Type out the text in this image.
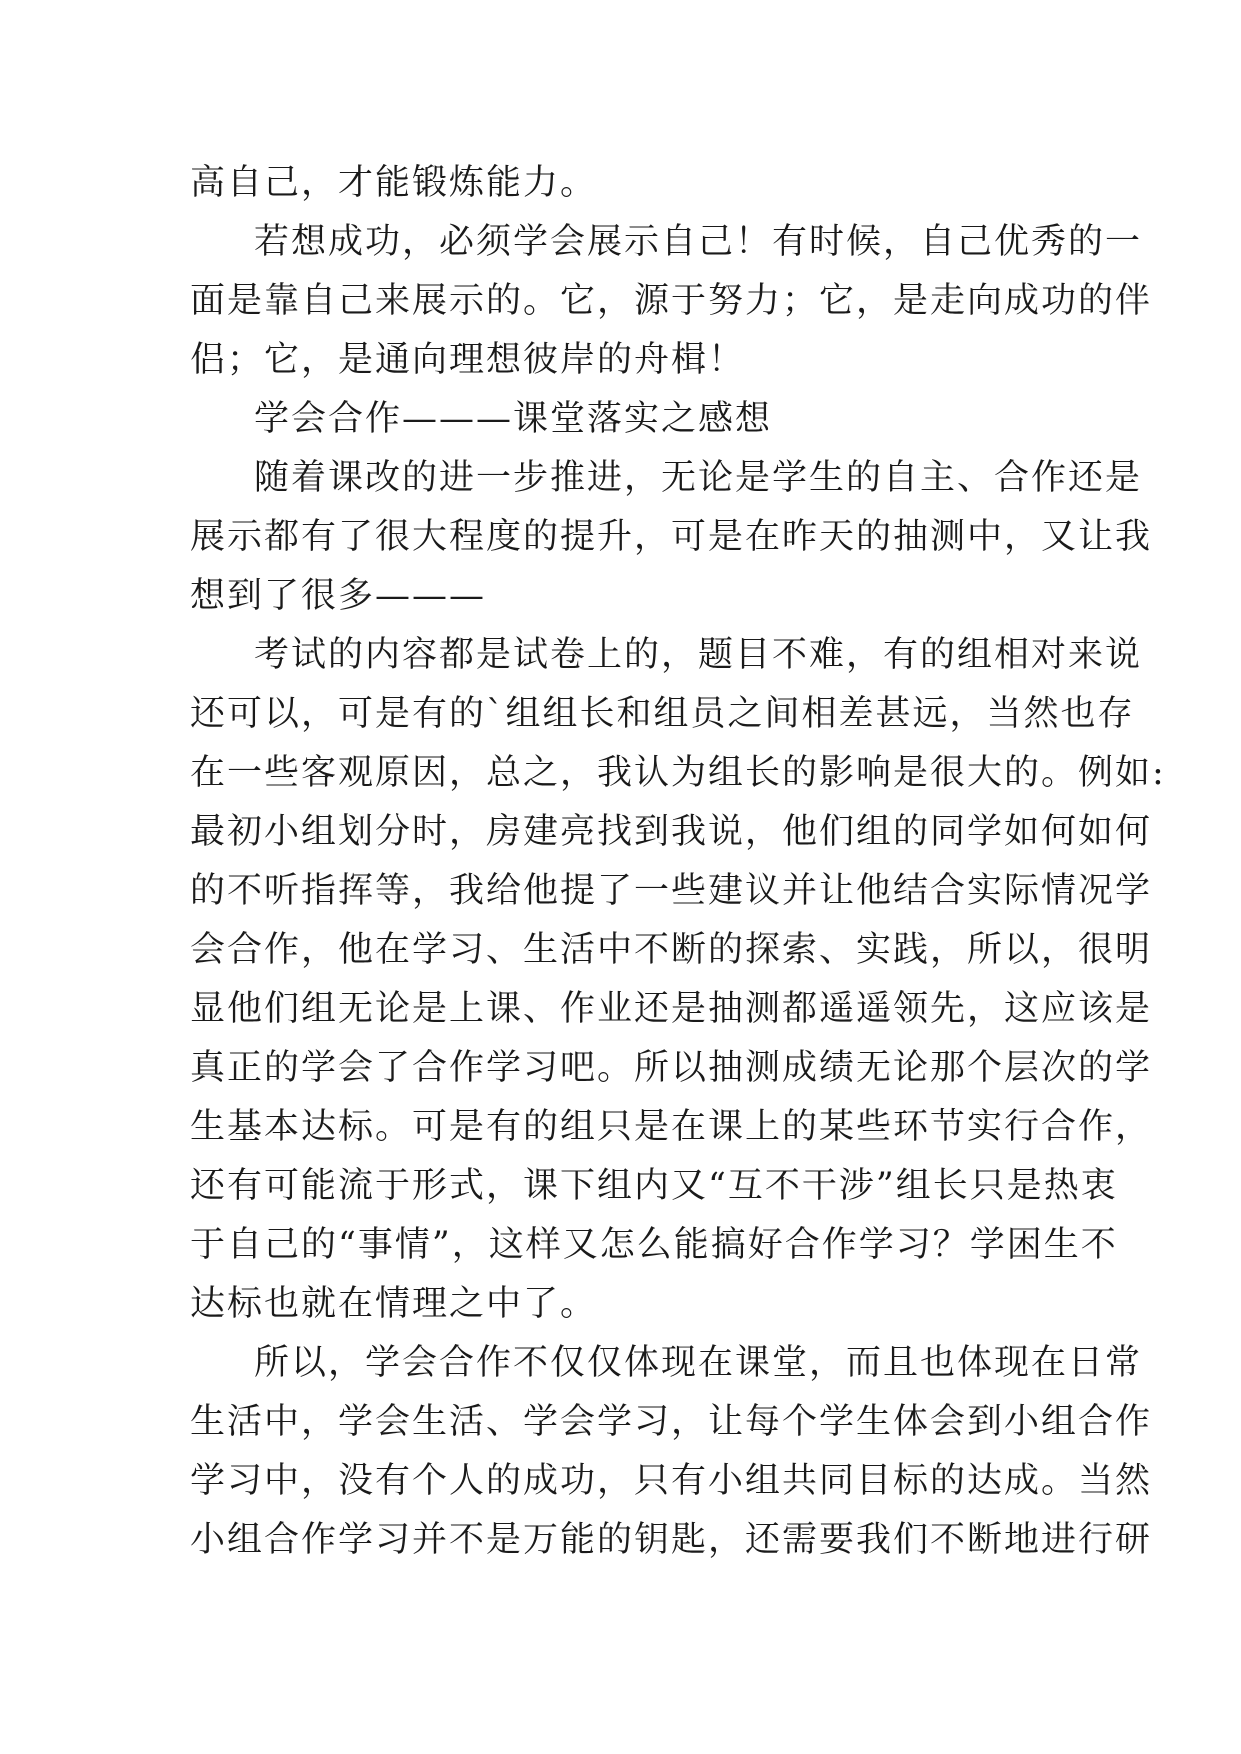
高自己，才能锻炼能力。
若想成功，必须学会展示自己！有时候，自己优秀的一
面是靠自己来展示的。它，源于努力；它，是走向成功的伴
侣；它，是通向理想彼岸的舟楫！
学会合作———课堂落实之感想
随着课改的进一步推进，无论是学生的自主、合作还是
展示都有了很大程度的提升，可是在昨天的抽测中，又让我
想到了很多———
考试的内容都是试卷上的，题目不难，有的组相对来说
还可以，可是有的`组组长和组员之间相差甚远，当然也存
在一些客观原因，总之，我认为组长的影响是很大的。例如:
最初小组划分时，房建亮找到我说，他们组的同学如何如何
的不听指挥等，我给他提了一些建议并让他结合实际情况学
会合作，他在学习、生活中不断的探索、实践，所以，很明
显他们组无论是上课、作业还是抽测都遥遥领先，这应该是
真正的学会了合作学习吧。所以抽测成绩无论那个层次的学
生基本达标。可是有的组只是在课上的某些环节实行合作，
还有可能流于形式，课下组内又“互不干涉”组长只是热衷
于自己的“事情”，这样又怎么能搞好合作学习？学困生不
达标也就在情理之中了。
所以，学会合作不仅仅体现在课堂，而且也体现在日常
生活中，学会生活、学会学习，让每个学生体会到小组合作
学习中，没有个人的成功，只有小组共同目标的达成。当然
小组合作学习并不是万能的钥匙，还需要我们不断地进行研
